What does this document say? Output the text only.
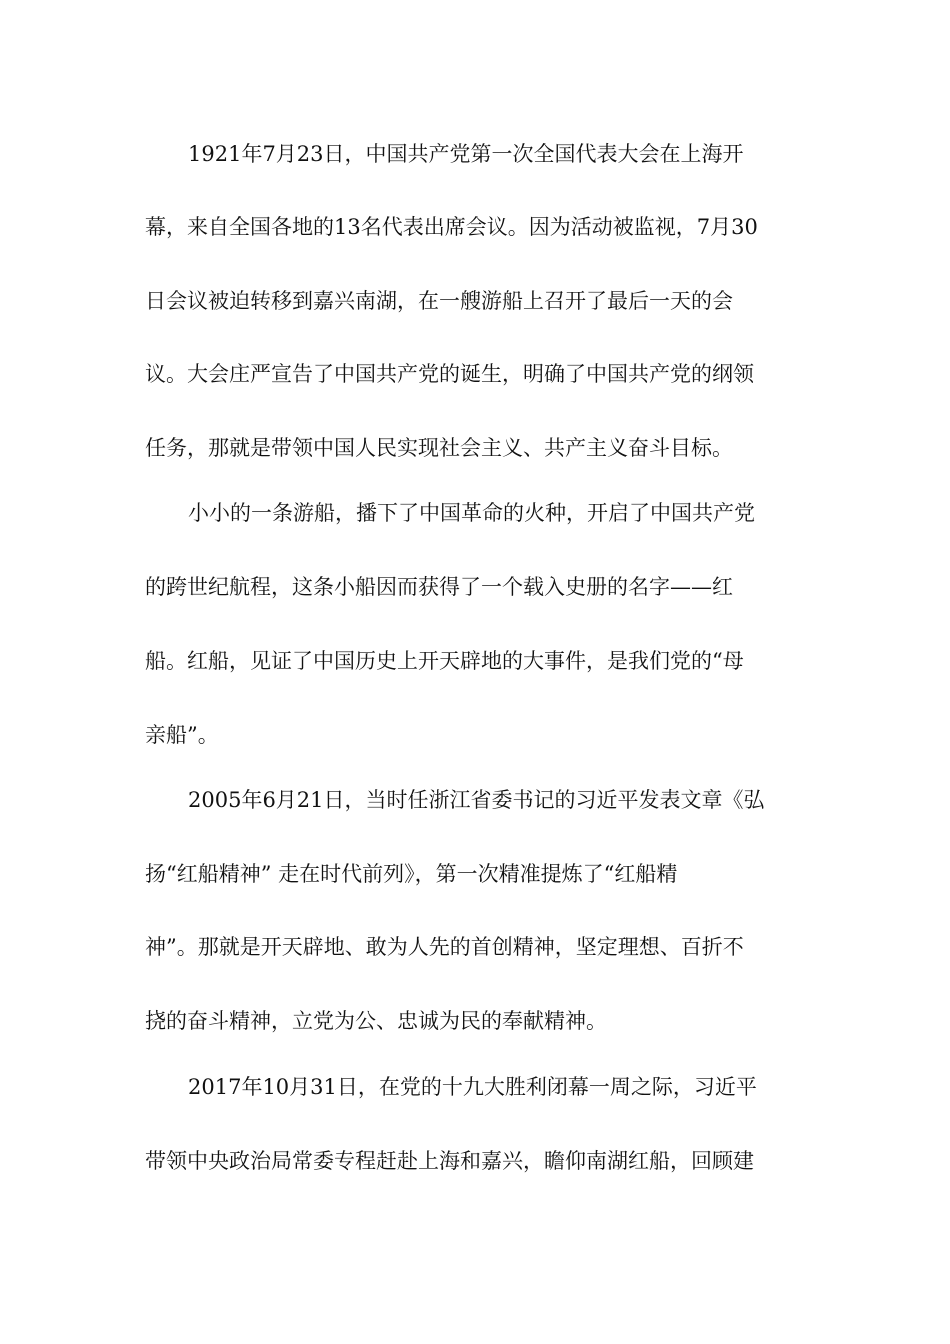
1921年7月23日，中国共产党第一次全国代表大会在上海开
幕，来自全国各地的13名代表出席会议。因为活动被监视，7月30
日会议被迫转移到嘉兴南湖，在一艘游船上召开了最后一天的会
议。大会庄严宣告了中国共产党的诞生，明确了中国共产党的纲领
任务，那就是带领中国人民实现社会主义、共产主义奋斗目标。
小小的一条游船，播下了中国革命的火种，开启了中国共产党
的跨世纪航程，这条小船因而获得了一个载入史册的名字——红
船。红船，见证了中国历史上开天辟地的大事件，是我们党的“母
亲船”。
2005年6月21日，当时任浙江省委书记的习近平发表文章《弘
扬“红船精神” 走在时代前列》，第一次精准提炼了“红船精
神”。那就是开天辟地、敢为人先的首创精神，坚定理想、百折不
挠的奋斗精神，立党为公、忠诚为民的奉献精神。
2017年10月31日，在党的十九大胜利闭幕一周之际，习近平
带领中央政治局常委专程赶赴上海和嘉兴，瞻仰南湖红船，回顾建
